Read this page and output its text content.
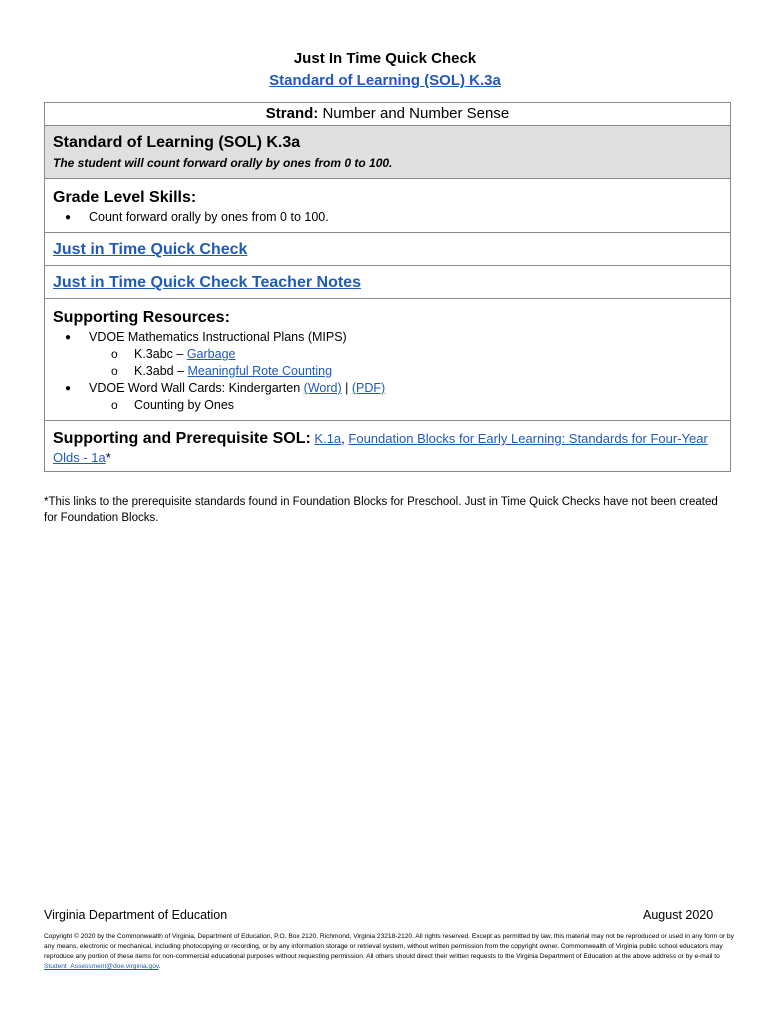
Just In Time Quick Check
Standard of Learning (SOL) K.3a
Strand: Number and Number Sense

Standard of Learning (SOL) K.3a
The student will count forward orally by ones from 0 to 100.

Grade Level Skills:
● Count forward orally by ones from 0 to 100.

Just in Time Quick Check
Just in Time Quick Check Teacher Notes

Supporting Resources:
● VDOE Mathematics Instructional Plans (MIPS)
o K.3abc – Garbage
o K.3abd – Meaningful Rote Counting
● VDOE Word Wall Cards: Kindergarten (Word) | (PDF)
o Counting by Ones

Supporting and Prerequisite SOL: K.1a, Foundation Blocks for Early Learning: Standards for Four-Year Olds - 1a*
*This links to the prerequisite standards found in Foundation Blocks for Preschool. Just in Time Quick Checks have not been created for Foundation Blocks.
Virginia Department of Education	August 2020
Copyright © 2020 by the Commonwealth of Virginia, Department of Education, P.O. Box 2120, Richmond, Virginia 23218-2120. All rights reserved. Except as permitted by law, this material may not be reproduced or used in any form or by any means, electronic or mechanical, including photocopying or recording, or by any information storage or retrieval system, without written permission from the copyright owner. Commonwealth of Virginia public school educators may reproduce any portion of these items for non-commercial educational purposes without requesting permission. All others should direct their written requests to the Virginia Department of Education at the above address or by e-mail to Student_Assessment@doe.virginia.gov.
